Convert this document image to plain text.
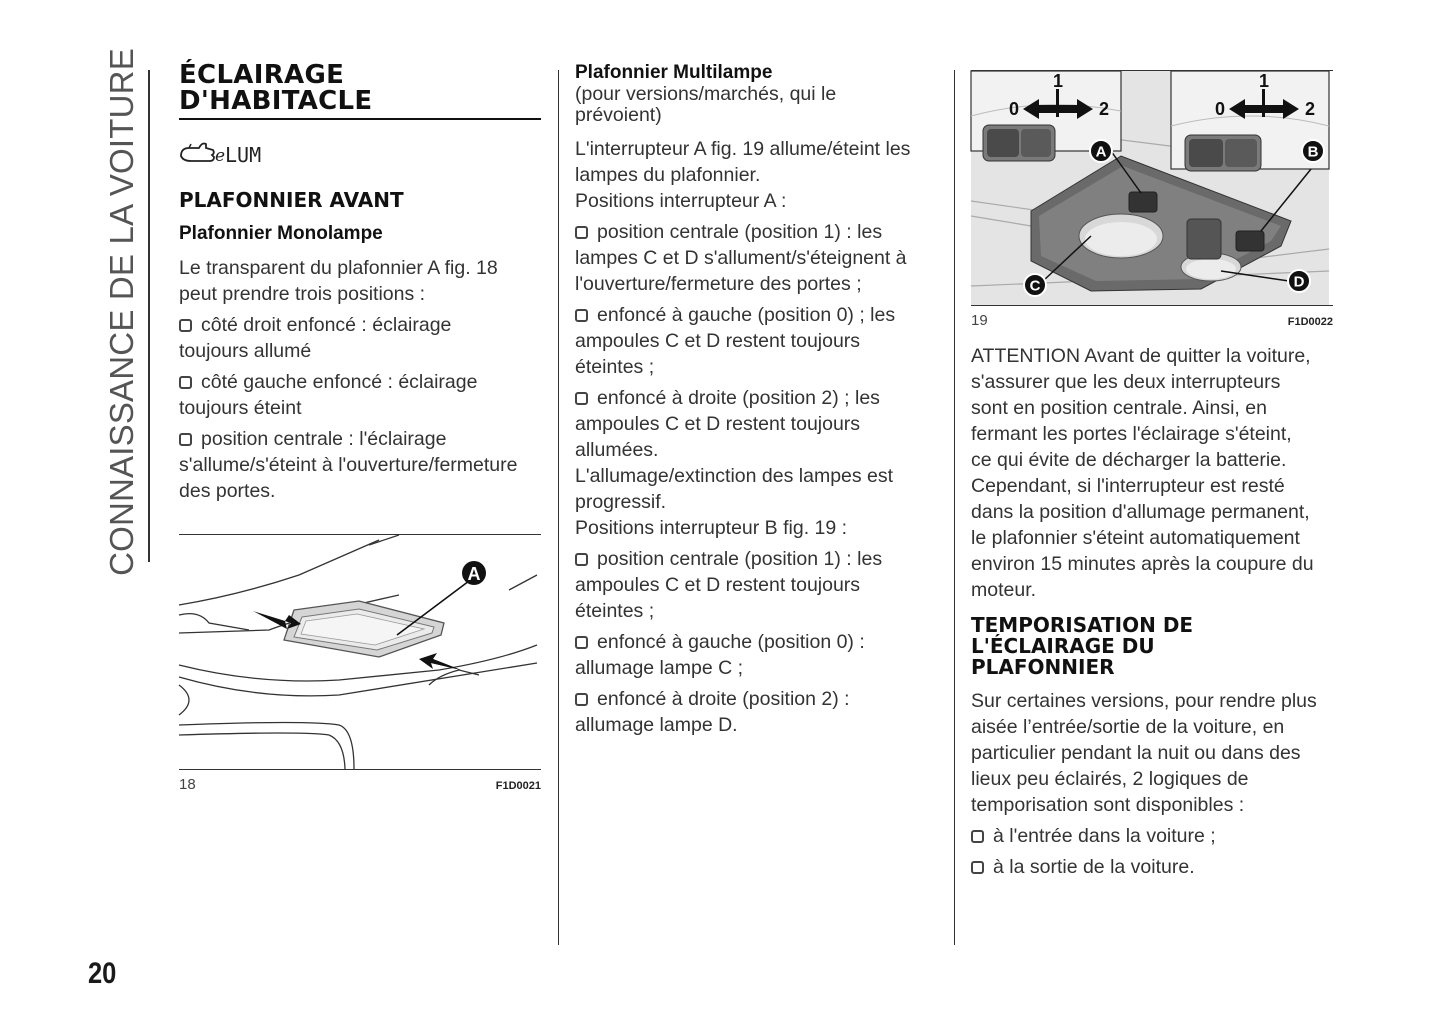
CONNAISSANCE DE LA VOITURE
20
ÉCLAIRAGE
D'HABITACLE
e LUM
PLAFONNIER AVANT
Plafonnier Monolampe

Le transparent du plafonnier A fig. 18
peut prendre trois positions :

côté droit enfoncé : éclairage
toujours allumé

côté gauche enfoncé : éclairage
toujours éteint

position centrale : l'éclairage
s'allume/s'éteint à l'ouverture/fermeture
des portes.

A
18	F1D0021
Plafonnier Multilampe

(pour versions/marchés, qui le
prévoient)

L'interrupteur A fig. 19 allume/éteint les
lampes du plafonnier.
Positions interrupteur A :

position centrale (position 1) : les
lampes C et D s'allument/s'éteignent à
l'ouverture/fermeture des portes ;

enfoncé à gauche (position 0) ; les
ampoules C et D restent toujours
éteintes ;

enfoncé à droite (position 2) ; les
ampoules C et D restent toujours
allumées.

L'allumage/extinction des lampes est
progressif.
Positions interrupteur B fig. 19 :

position centrale (position 1) : les
ampoules C et D restent toujours
éteintes ;

enfoncé à gauche (position 0) :
allumage lampe C ;

enfoncé à droite (position 2) :
allumage lampe D.

0
1
2	0
1
2
A	B
C	D
19	F1D0022

ATTENTION Avant de quitter la voiture,
s'assurer que les deux interrupteurs
sont en position centrale. Ainsi, en
fermant les portes l'éclairage s'éteint,
ce qui évite de décharger la batterie.
Cependant, si l'interrupteur est resté
dans la position d'allumage permanent,
le plafonnier s'éteint automatiquement
environ 15 minutes après la coupure du
moteur.

TEMPORISATION DE
L'ÉCLAIRAGE DU
PLAFONNIER

Sur certaines versions, pour rendre plus
aisée l’entrée/sortie de la voiture, en
particulier pendant la nuit ou dans des
lieux peu éclairés, 2 logiques de
temporisation sont disponibles :

à l'entrée dans la voiture ;

à la sortie de la voiture.
